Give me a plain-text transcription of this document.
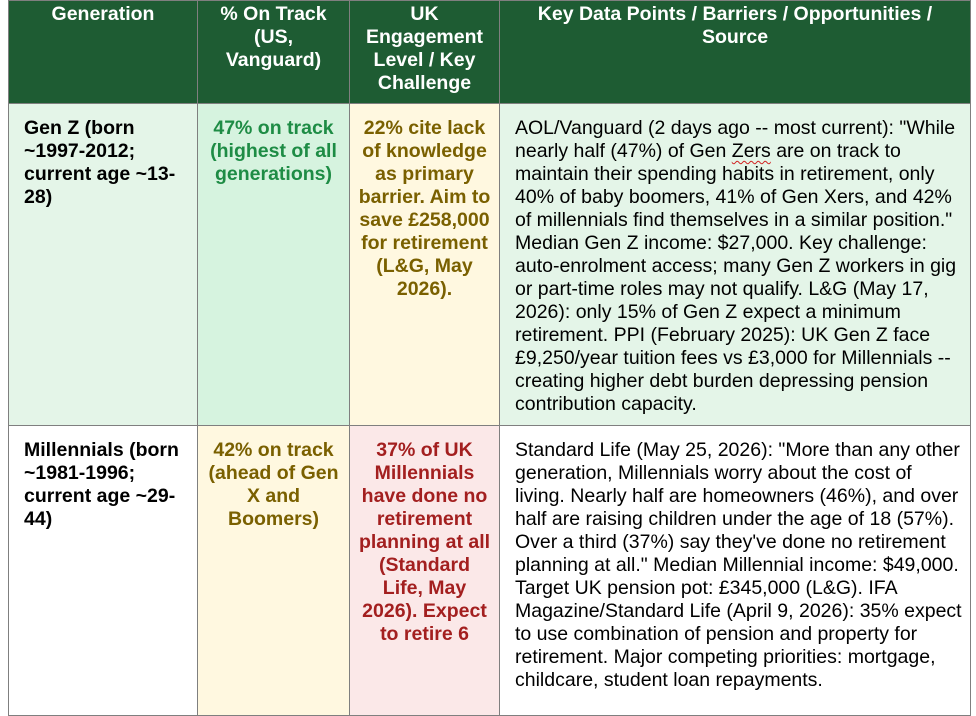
Generation	% On Track (US, Vanguard)	UK Engagement Level / Key Challenge	Key Data Points / Barriers / Opportunities / Source
Gen Z (born ~1997-2012; current age ~13-28)	47% on track (highest of all generations)	22% cite lack of knowledge as primary barrier. Aim to save £258,000 for retirement (L&G, May 2026).	AOL/Vanguard (2 days ago -- most current): "While nearly half (47%) of Gen Zers are on track to maintain their spending habits in retirement, only 40% of baby boomers, 41% of Gen Xers, and 42% of millennials find themselves in a similar position." Median Gen Z income: $27,000. Key challenge: auto-enrolment access; many Gen Z workers in gig or part-time roles may not qualify. L&G (May 17, 2026): only 15% of Gen Z expect a minimum retirement. PPI (February 2025): UK Gen Z face £9,250/year tuition fees vs £3,000 for Millennials -- creating higher debt burden depressing pension contribution capacity.
Millennials (born ~1981-1996; current age ~29-44)	42% on track (ahead of Gen X and Boomers)	37% of UK Millennials have done no retirement planning at all (Standard Life, May 2026). Expect to retire 6	Standard Life (May 25, 2026): "More than any other generation, Millennials worry about the cost of living. Nearly half are homeowners (46%), and over half are raising children under the age of 18 (57%). Over a third (37%) say they've done no retirement planning at all." Median Millennial income: $49,000. Target UK pension pot: £345,000 (L&G). IFA Magazine/Standard Life (April 9, 2026): 35% expect to use combination of pension and property for retirement. Major competing priorities: mortgage, childcare, student loan repayments.
